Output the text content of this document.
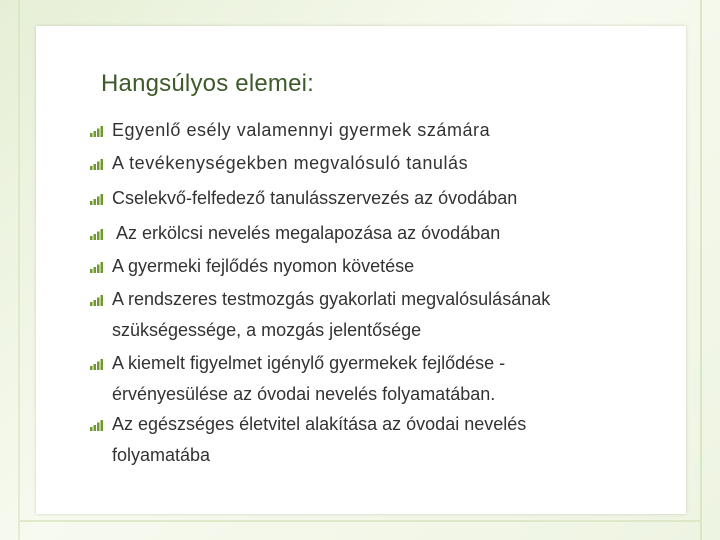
Hangsúlyos elemei:
Egyenlő esély valamennyi gyermek számára
A tevékenységekben megvalósuló tanulás
Cselekvő-felfedező tanulásszervezés az óvodában
Az erkölcsi nevelés megalapozása az óvodában
A gyermeki fejlődés nyomon követése
A rendszeres testmozgás gyakorlati megvalósulásának szükségessége, a mozgás jelentősége
A kiemelt figyelmet igénylő gyermekek fejlődése - érvényesülése az óvodai nevelés folyamatában.
Az egészséges életvitel alakítása az óvodai nevelés folyamatába
